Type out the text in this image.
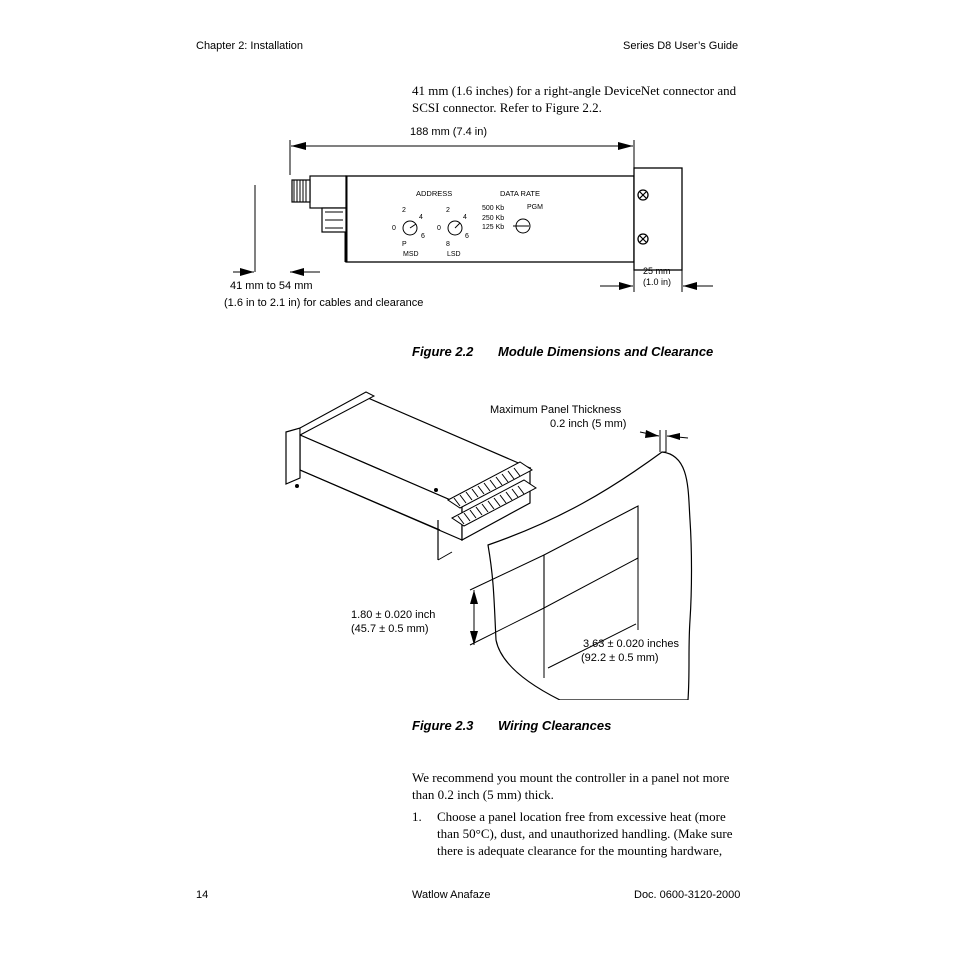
Chapter 2: Installation	Series D8 User’s Guide
41 mm (1.6 inches) for a right-angle DeviceNet connector and
SCSI connector. Refer to Figure 2.2.
188 mm (7.4 in)
ADDRESS	DATA RATE
2
4
0
6
P
MSD
2
4
0
6
8
LSD
500 Kb
250 Kb
125 Kb
PGM
41 mm to 54 mm
(1.6 in to 2.1 in) for cables and clearance
25 mm
(1.0 in)
Figure 2.2 Module Dimensions and Clearance
Maximum Panel Thickness
0.2 inch (5 mm)
1.80 ± 0.020 inch
(45.7 ± 0.5 mm)
3.63 ± 0.020 inches
(92.2 ± 0.5 mm)
Figure 2.3 Wiring Clearances
We recommend you mount the controller in a panel not more
than 0.2 inch (5 mm) thick.
1. Choose a panel location free from excessive heat (more
than 50°C), dust, and unauthorized handling. (Make sure
there is adequate clearance for the mounting hardware,
14	Watlow Anafaze	Doc. 0600-3120-2000
